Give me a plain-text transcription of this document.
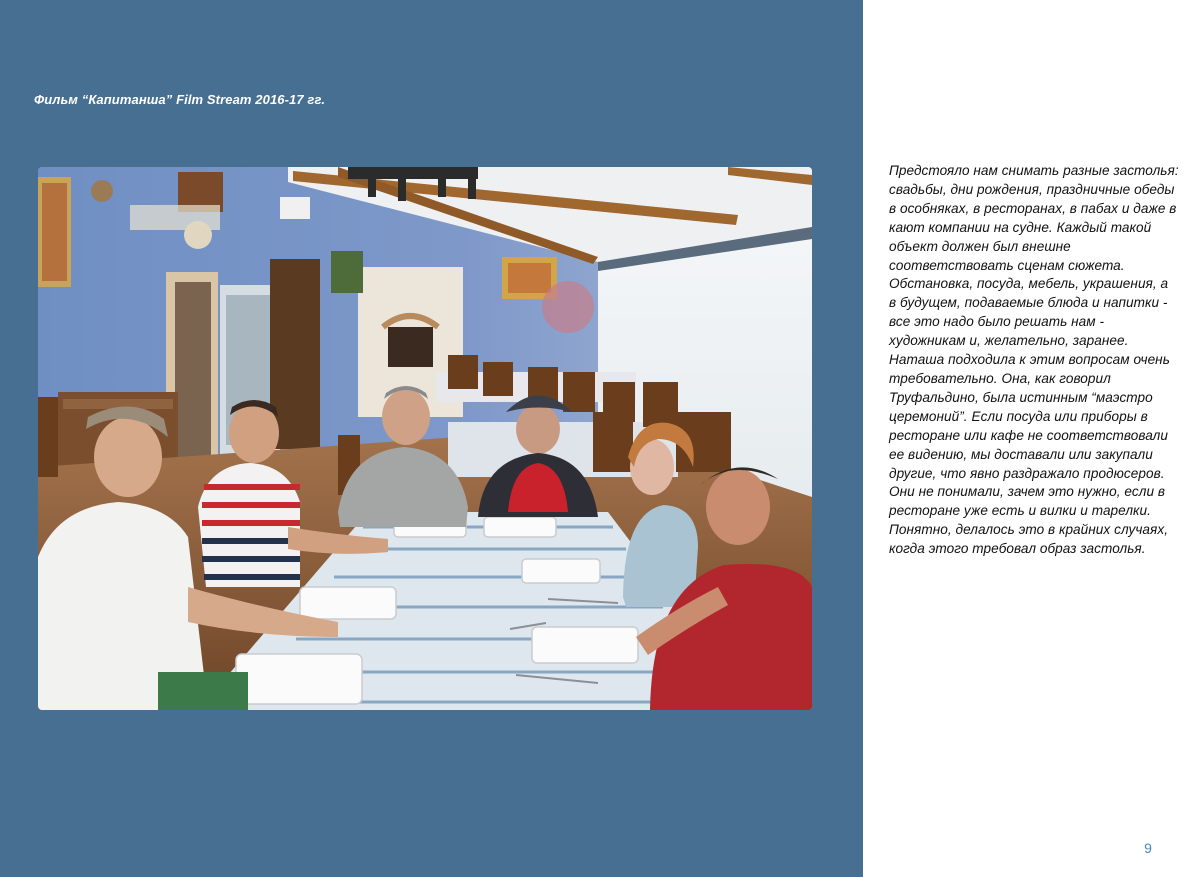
Фильм “Капитанша” Film Stream 2016-17 гг.

Предстояло нам снимать разные застолья: свадьбы, дни рождения, праздничные обеды в особняках, в ресторанах, в пабах и даже в кают компании на судне. Каждый такой объект должен был внешне соответствовать сценам сюжета. Обстановка, посуда, мебель, украшения, а в будущем, подаваемые блюда и напитки - все это надо было решать нам - художникам и, желательно, заранее. Наташа подходила к этим вопросам очень требовательно. Она, как говорил Труфальдино, была истинным “маэстро церемоний”. Если посуда или приборы в ресторане или кафе не соответствовали ее видению, мы доставали или закупали другие, что явно раздражало продюсеров. Они не понимали, зачем это нужно, если в ресторане уже есть и вилки и тарелки. Понятно, делалось это в крайних случаях, когда этого требовал образ застолья.

9
